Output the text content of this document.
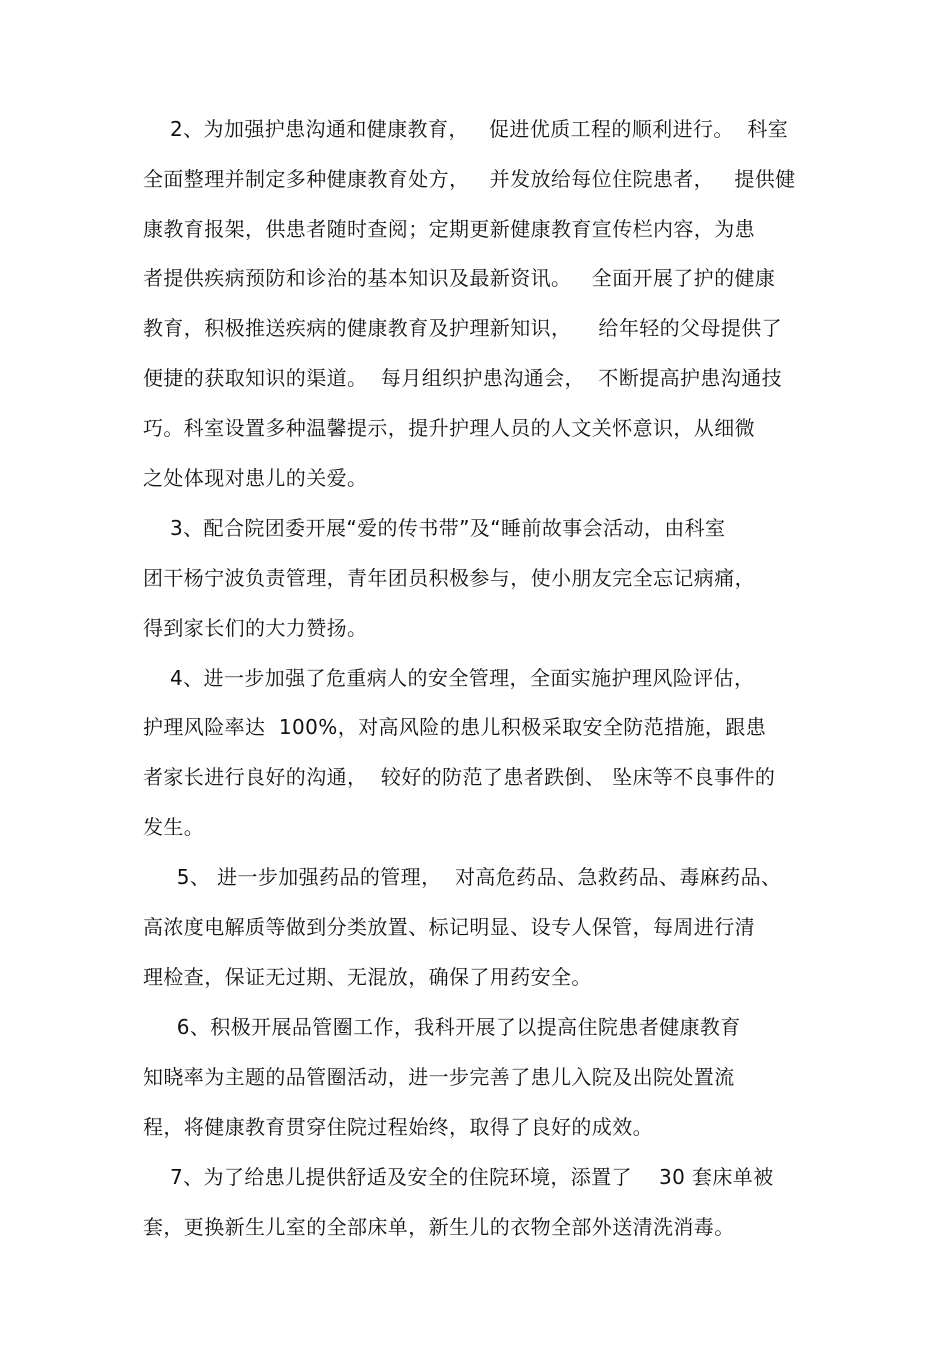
2、为加强护患沟通和健康教育，   促进优质工程的顺利进行。  科室
全面整理并制定多种健康教育处方，   并发放给每位住院患者，   提供健
康教育报架，供患者随时查阅；定期更新健康教育宣传栏内容，为患
者提供疾病预防和诊治的基本知识及最新资讯。   全面开展了护的健康
教育，积极推送疾病的健康教育及护理新知识，    给年轻的父母提供了
便捷的获取知识的渠道。  每月组织护患沟通会，  不断提高护患沟通技
巧。科室设置多种温馨提示，提升护理人员的人文关怀意识，从细微
之处体现对患儿的关爱。
3、配合院团委开展“爱的传书带”及“睡前故事会活动，由科室
团干杨宁波负责管理，青年团员积极参与，使小朋友完全忘记病痛，
得到家长们的大力赞扬。
4、进一步加强了危重病人的安全管理，全面实施护理风险评估，
护理风险率达  100%，对高风险的患儿积极采取安全防范措施，跟患
者家长进行良好的沟通，  较好的防范了患者跌倒、 坠床等不良事件的
发生。
5、 进一步加强药品的管理，  对高危药品、急救药品、毒麻药品、
高浓度电解质等做到分类放置、标记明显、设专人保管，每周进行清
理检查，保证无过期、无混放，确保了用药安全。
6、积极开展品管圈工作，我科开展了以提高住院患者健康教育
知晓率为主题的品管圈活动，进一步完善了患儿入院及出院处置流
程，将健康教育贯穿住院过程始终，取得了良好的成效。
7、为了给患儿提供舒适及安全的住院环境，添置了    30 套床单被
套，更换新生儿室的全部床单，新生儿的衣物全部外送清洗消毒。
